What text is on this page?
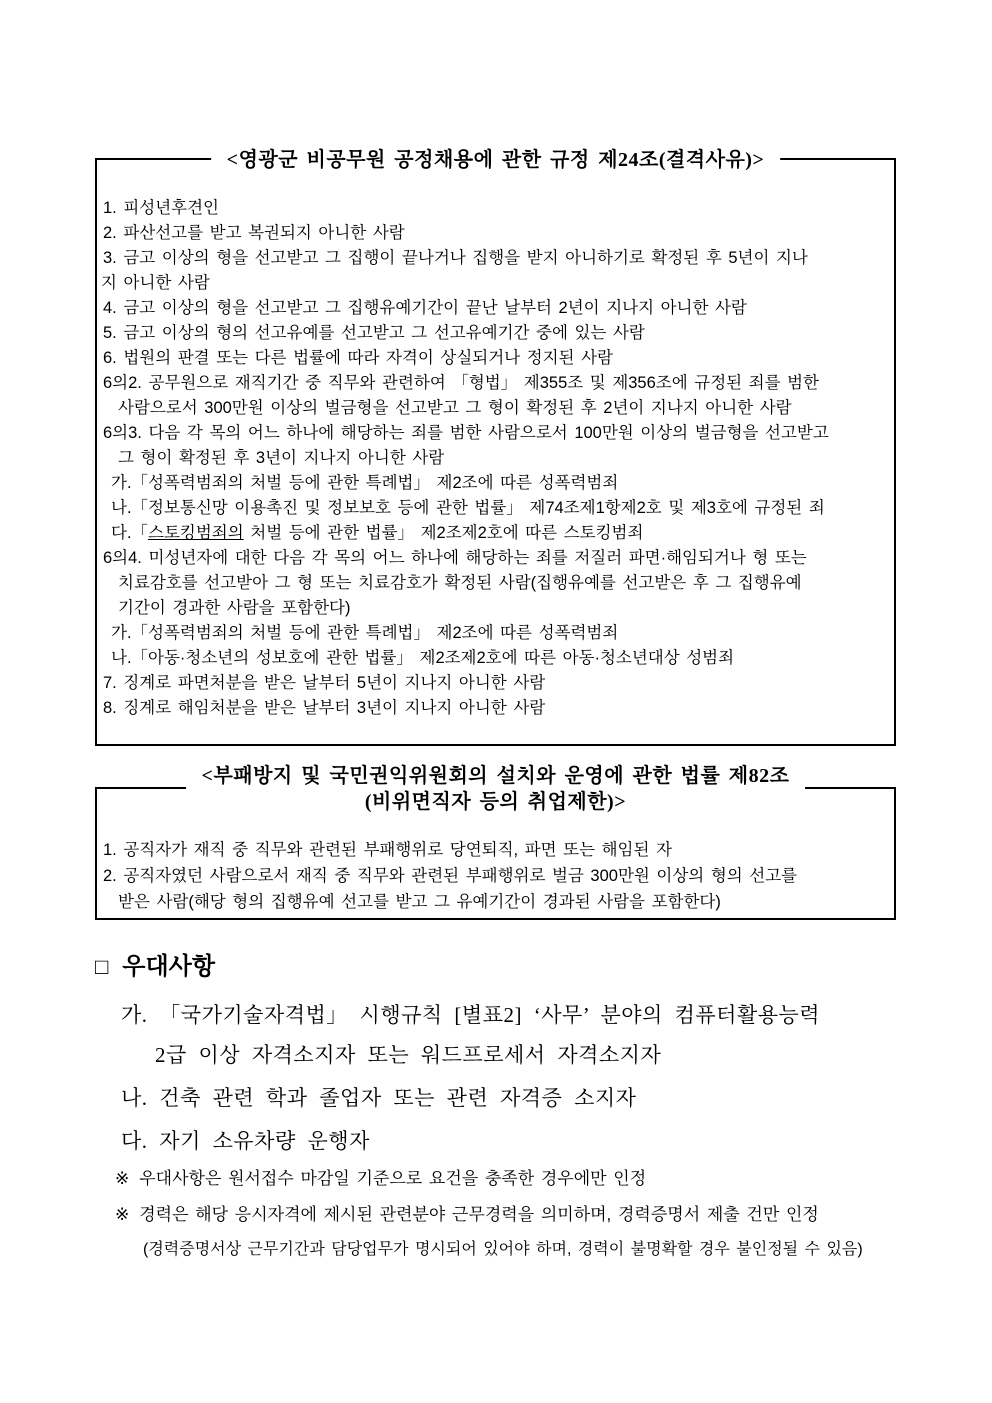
<영광군 비공무원 공정채용에 관한 규정 제24조(결격사유)>
1. 피성년후견인
2. 파산선고를 받고 복권되지 아니한 사람
3. 금고 이상의 형을 선고받고 그 집행이 끝나거나 집행을 받지 아니하기로 확정된 후 5년이 지나
지 아니한 사람
4. 금고 이상의 형을 선고받고 그 집행유예기간이 끝난 날부터 2년이 지나지 아니한 사람
5. 금고 이상의 형의 선고유예를 선고받고 그 선고유예기간 중에 있는 사람
6. 법원의 판결 또는 다른 법률에 따라 자격이 상실되거나 정지된 사람
6의2. 공무원으로 재직기간 중 직무와 관련하여 「형법」 제355조 및 제356조에 규정된 죄를 범한
사람으로서 300만원 이상의 벌금형을 선고받고 그 형이 확정된 후 2년이 지나지 아니한 사람
6의3. 다음 각 목의 어느 하나에 해당하는 죄를 범한 사람으로서 100만원 이상의 벌금형을 선고받고
그 형이 확정된 후 3년이 지나지 아니한 사람
가.「성폭력범죄의 처벌 등에 관한 특례법」 제2조에 따른 성폭력범죄
나.「정보통신망 이용촉진 및 정보보호 등에 관한 법률」 제74조제1항제2호 및 제3호에 규정된 죄
다.「스토킹범죄의 처벌 등에 관한 법률」 제2조제2호에 따른 스토킹범죄
6의4. 미성년자에 대한 다음 각 목의 어느 하나에 해당하는 죄를 저질러 파면·해임되거나 형 또는
치료감호를 선고받아 그 형 또는 치료감호가 확정된 사람(집행유예를 선고받은 후 그 집행유예
기간이 경과한 사람을 포함한다)
가.「성폭력범죄의 처벌 등에 관한 특례법」 제2조에 따른 성폭력범죄
나.「아동·청소년의 성보호에 관한 법률」 제2조제2호에 따른 아동·청소년대상 성범죄
7. 징계로 파면처분을 받은 날부터 5년이 지나지 아니한 사람
8. 징계로 해임처분을 받은 날부터 3년이 지나지 아니한 사람
<부패방지 및 국민권익위원회의 설치와 운영에 관한 법률 제82조
(비위면직자 등의 취업제한)>
1. 공직자가 재직 중 직무와 관련된 부패행위로 당연퇴직, 파면 또는 해임된 자
2. 공직자였던 사람으로서 재직 중 직무와 관련된 부패행위로 벌금 300만원 이상의 형의 선고를
받은 사람(해당 형의 집행유예 선고를 받고 그 유예기간이 경과된 사람을 포함한다)
□ 우대사항
가. 「국가기술자격법」 시행규칙 [별표2] ‘사무’ 분야의 컴퓨터활용능력
2급 이상 자격소지자 또는 워드프로세서 자격소지자
나. 건축 관련 학과 졸업자 또는 관련 자격증 소지자
다. 자기 소유차량 운행자
※ 우대사항은 원서접수 마감일 기준으로 요건을 충족한 경우에만 인정
※ 경력은 해당 응시자격에 제시된 관련분야 근무경력을 의미하며, 경력증명서 제출 건만 인정
(경력증명서상 근무기간과 담당업무가 명시되어 있어야 하며, 경력이 불명확할 경우 불인정될 수 있음)
